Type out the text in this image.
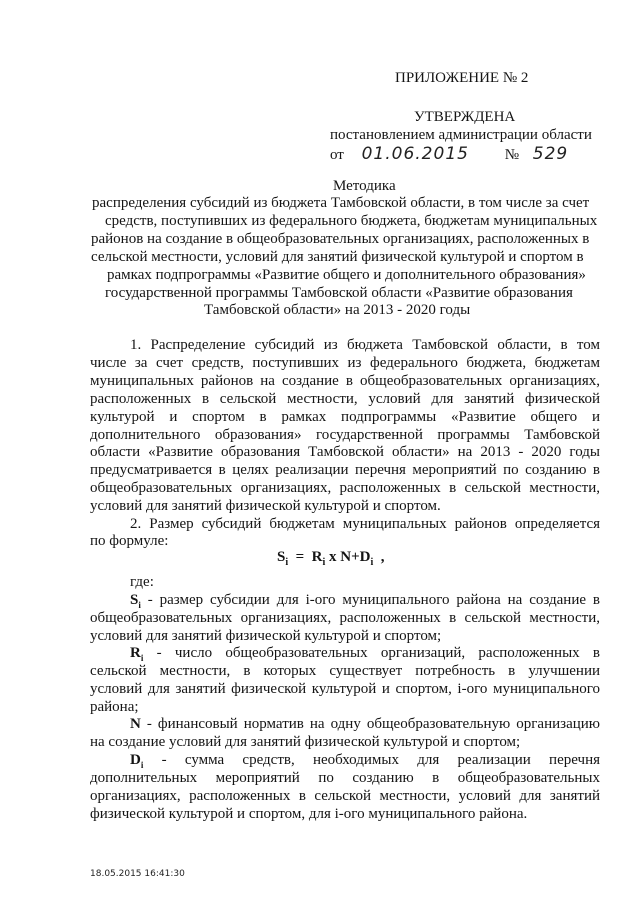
ПРИЛОЖЕНИЕ № 2
УТВЕРЖДЕНА
постановлением администрации области
от 01.06.2015 № 529
Методика
распределения субсидий из бюджета Тамбовской области, в том числе за счет
средств, поступивших из федерального бюджета, бюджетам муниципальных
районов на создание в общеобразовательных организациях, расположенных в
сельской местности, условий для занятий физической культурой и спортом в
рамках подпрограммы «Развитие общего и дополнительного образования»
государственной программы Тамбовской области «Развитие образования
Тамбовской области» на 2013 - 2020 годы
1. Распределение субсидий из бюджета Тамбовской области, в том
числе за счет средств, поступивших из федерального бюджета, бюджетам
муниципальных районов на создание в общеобразовательных организациях,
расположенных в сельской местности, условий для занятий физической
культурой и спортом в рамках подпрограммы «Развитие общего и
дополнительного образования» государственной программы Тамбовской
области «Развитие образования Тамбовской области» на 2013 - 2020 годы
предусматривается в целях реализации перечня мероприятий по созданию в
общеобразовательных организациях, расположенных в сельской местности,
условий для занятий физической культурой и спортом.
2. Размер субсидий бюджетам муниципальных районов определяется
по формуле:
$S_i = R_i$ x $N+D_i$  ,
где:
$S_i$ - размер субсидии для i-ого муниципального района на создание в
общеобразовательных организациях, расположенных в сельской местности,
условий для занятий физической культурой и спортом;
$R_i$ - число общеобразовательных организаций, расположенных в
сельской местности, в которых существует потребность в улучшении
условий для занятий физической культурой и спортом, i-ого муниципального
района;
N - финансовый норматив на одну общеобразовательную организацию
на создание условий для занятий физической культурой и спортом;
$D_i$ - сумма средств, необходимых для реализации перечня
дополнительных мероприятий по созданию в общеобразовательных
организациях, расположенных в сельской местности, условий для занятий
физической культурой и спортом, для i-ого муниципального района.
18.05.2015 16:41:30
